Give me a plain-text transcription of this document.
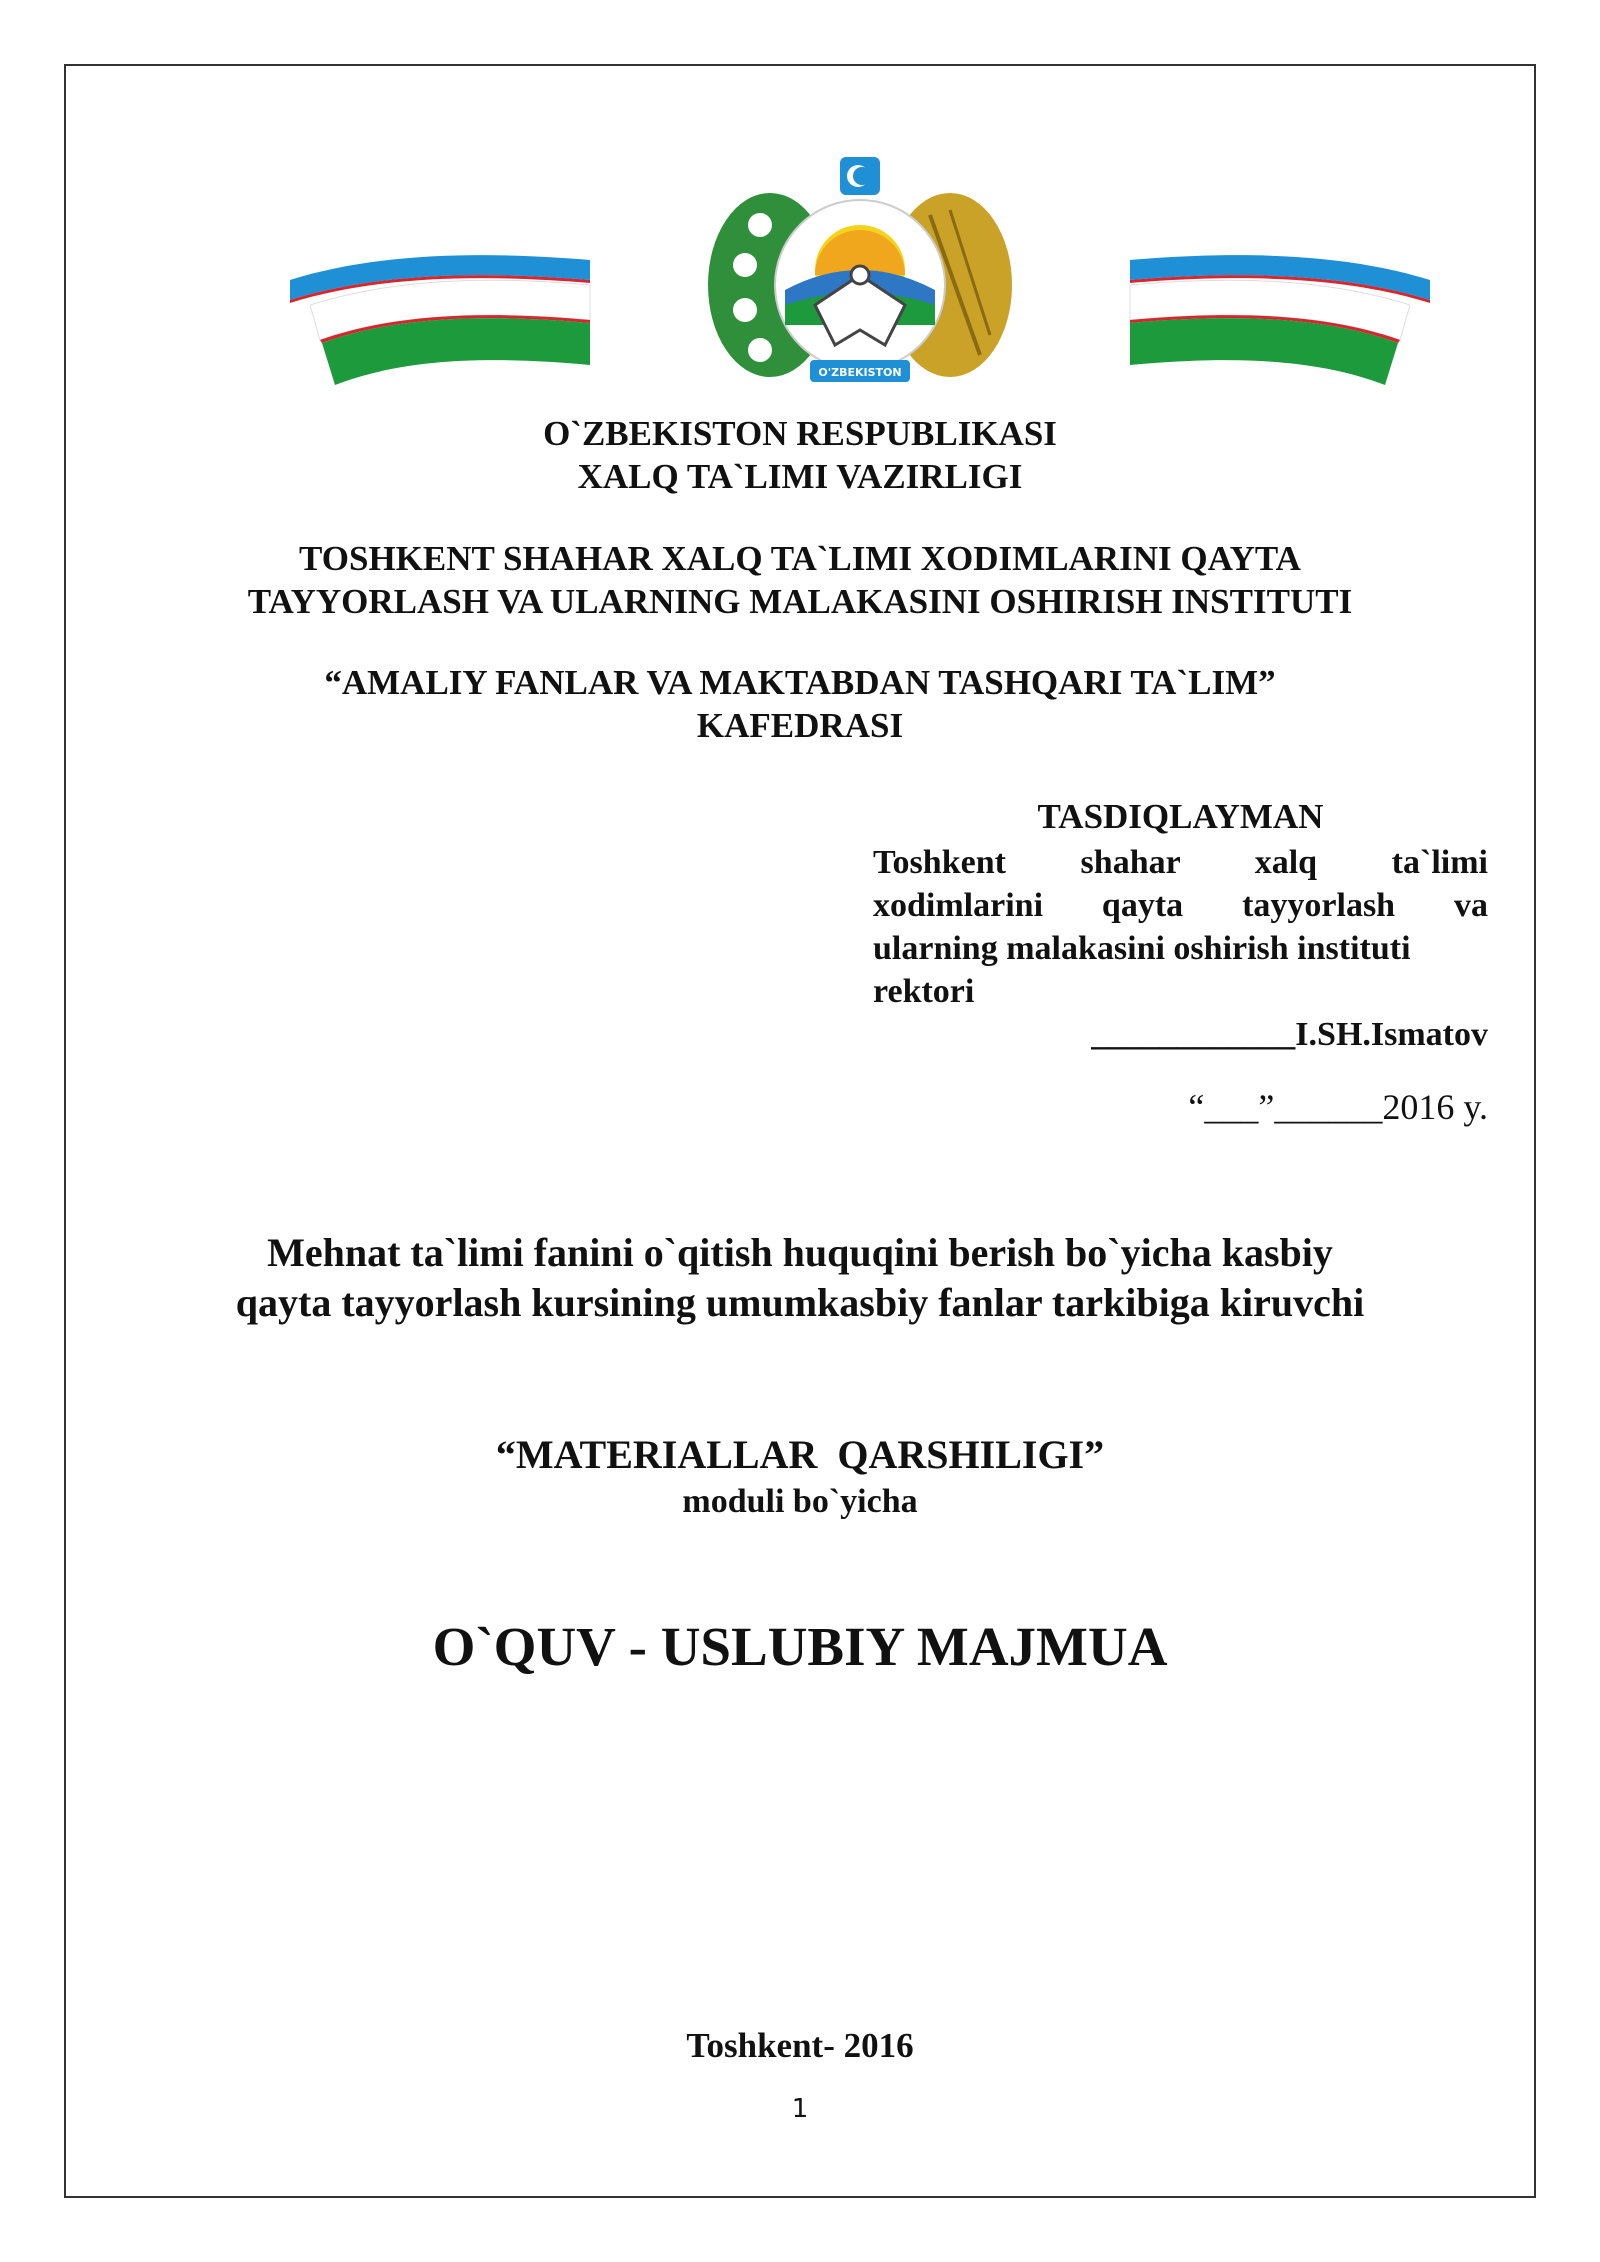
O'ZBEKISTON
O`ZBEKISTON RESPUBLIKASI
XALQ TA`LIMI VAZIRLIGI
TOSHKENT SHAHAR XALQ TA`LIMI XODIMLARINI QAYTA
TAYYORLASH VA ULARNING MALAKASINI OSHIRISH INSTITUTI
“AMALIY FANLAR VA MAKTABDAN TASHQARI TA`LIM”
KAFEDRASI
TASDIQLAYMAN
Toshkent shahar xalq ta`limi
xodimlarini qayta tayyorlash va
ularning malakasini oshirish instituti
rektori
____________I.SH.Ismatov
“___”______2016 y.
Mehnat ta`limi fanini o`qitish huquqini berish bo`yicha kasbiy
qayta tayyorlash kursining umumkasbiy fanlar tarkibiga kiruvchi
“MATERIALLAR  QARSHILIGI”
moduli bo`yicha
O`QUV - USLUBIY MAJMUA
Toshkent- 2016
1
